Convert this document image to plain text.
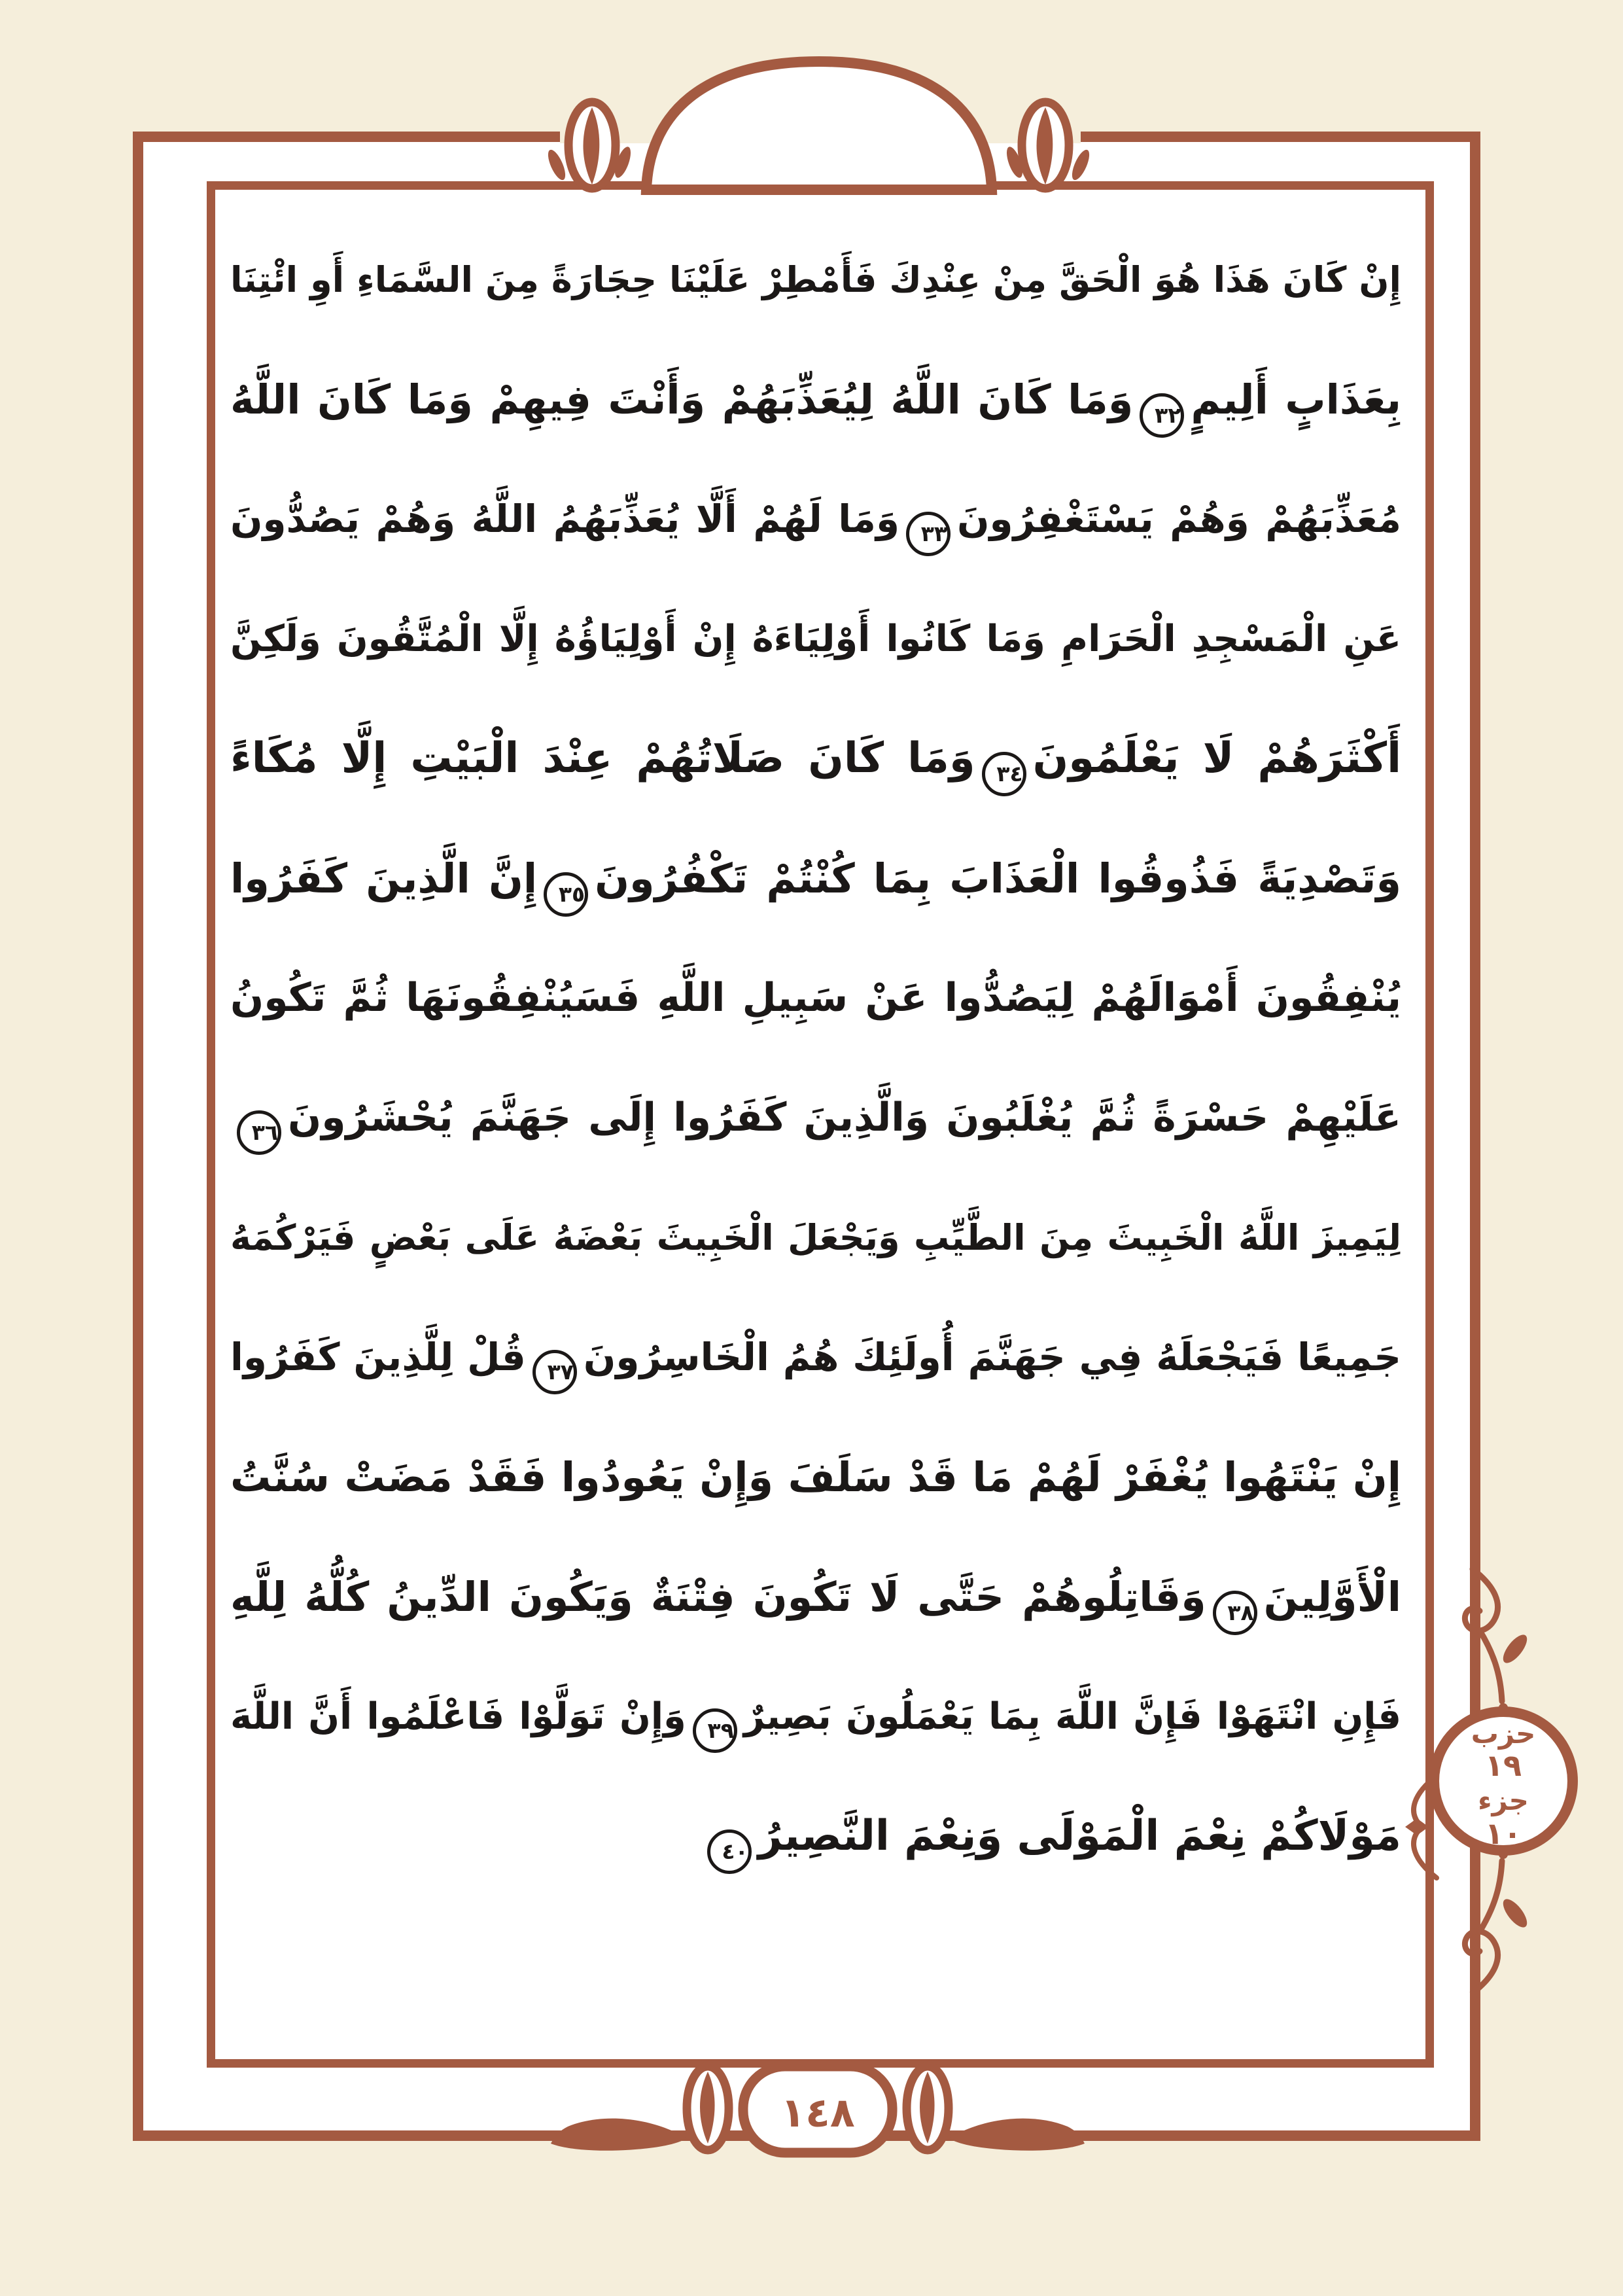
إِنْ كَانَ هَذَا هُوَ الْحَقَّ مِنْ عِنْدِكَ فَأَمْطِرْ عَلَيْنَا حِجَارَةً مِنَ السَّمَاءِ أَوِ ائْتِنَا
بِعَذَابٍ أَلِيمٍ٣٢وَمَا كَانَ اللَّهُ لِيُعَذِّبَهُمْ وَأَنْتَ فِيهِمْ وَمَا كَانَ اللَّهُ
مُعَذِّبَهُمْ وَهُمْ يَسْتَغْفِرُونَ٣٣وَمَا لَهُمْ أَلَّا يُعَذِّبَهُمُ اللَّهُ وَهُمْ يَصُدُّونَ
عَنِ الْمَسْجِدِ الْحَرَامِ وَمَا كَانُوا أَوْلِيَاءَهُ إِنْ أَوْلِيَاؤُهُ إِلَّا الْمُتَّقُونَ وَلَكِنَّ
أَكْثَرَهُمْ لَا يَعْلَمُونَ٣٤وَمَا كَانَ صَلَاتُهُمْ عِنْدَ الْبَيْتِ إِلَّا مُكَاءً
وَتَصْدِيَةً فَذُوقُوا الْعَذَابَ بِمَا كُنْتُمْ تَكْفُرُونَ٣٥إِنَّ الَّذِينَ كَفَرُوا
يُنْفِقُونَ أَمْوَالَهُمْ لِيَصُدُّوا عَنْ سَبِيلِ اللَّهِ فَسَيُنْفِقُونَهَا ثُمَّ تَكُونُ
عَلَيْهِمْ حَسْرَةً ثُمَّ يُغْلَبُونَ وَالَّذِينَ كَفَرُوا إِلَى جَهَنَّمَ يُحْشَرُونَ٣٦
لِيَمِيزَ اللَّهُ الْخَبِيثَ مِنَ الطَّيِّبِ وَيَجْعَلَ الْخَبِيثَ بَعْضَهُ عَلَى بَعْضٍ فَيَرْكُمَهُ
جَمِيعًا فَيَجْعَلَهُ فِي جَهَنَّمَ أُولَئِكَ هُمُ الْخَاسِرُونَ٣٧قُلْ لِلَّذِينَ كَفَرُوا
إِنْ يَنْتَهُوا يُغْفَرْ لَهُمْ مَا قَدْ سَلَفَ وَإِنْ يَعُودُوا فَقَدْ مَضَتْ سُنَّتُ
الْأَوَّلِينَ٣٨وَقَاتِلُوهُمْ حَتَّى لَا تَكُونَ فِتْنَةٌ وَيَكُونَ الدِّينُ كُلُّهُ لِلَّهِ
فَإِنِ انْتَهَوْا فَإِنَّ اللَّهَ بِمَا يَعْمَلُونَ بَصِيرٌ٣٩وَإِنْ تَوَلَّوْا فَاعْلَمُوا أَنَّ اللَّهَ
مَوْلَاكُمْ نِعْمَ الْمَوْلَى وَنِعْمَ النَّصِيرُ٤٠
١٤٨
حزب
١٩
جزء
١٠
